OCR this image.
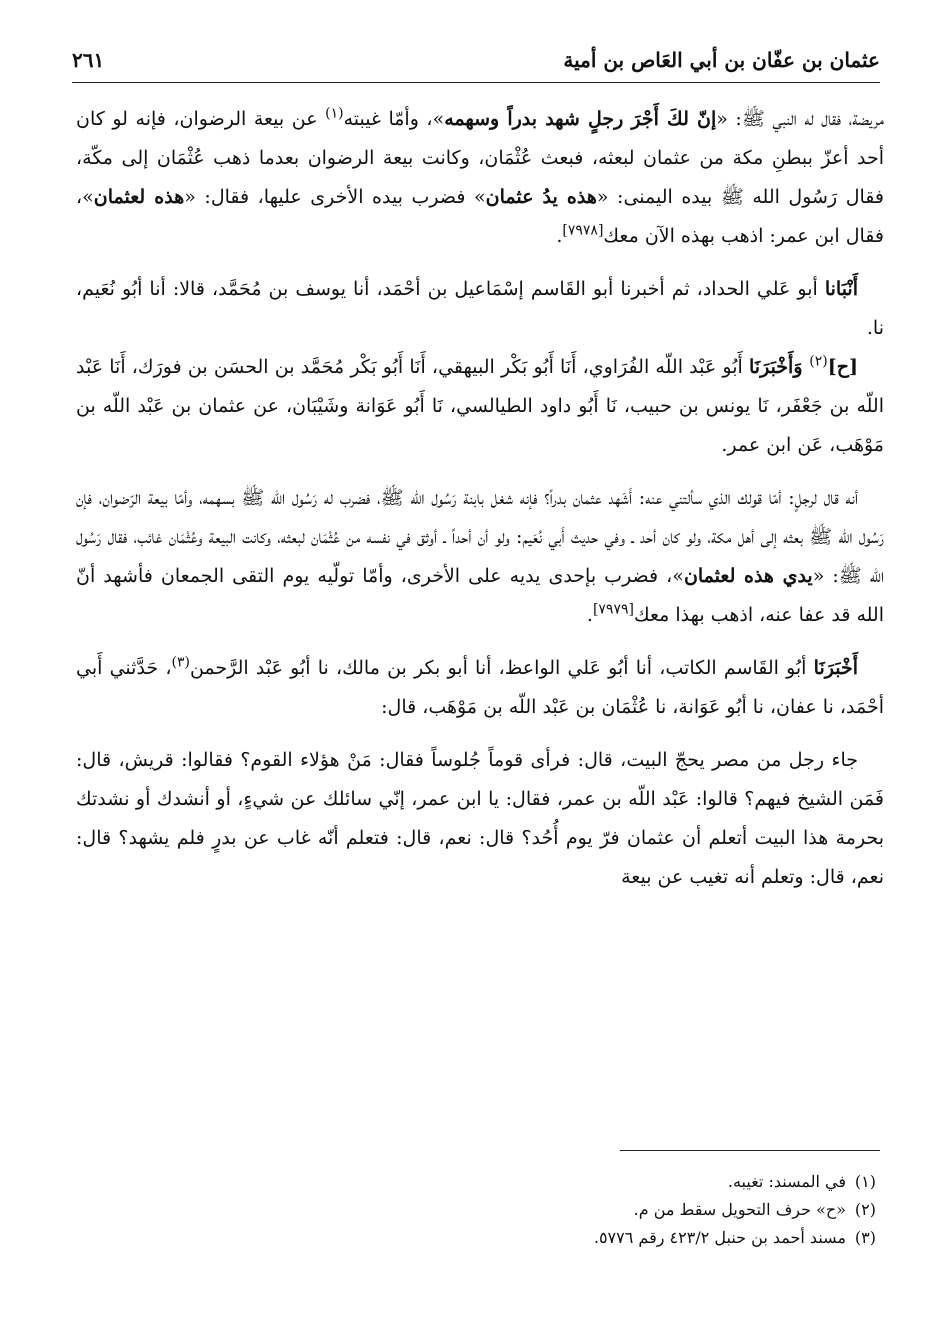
عثمان بن عفّان بن أبي العَاص بن أمية
٢٦١

مريضة، فقال له النبي ﷺ: «إنّ لكَ أَجْرَ رجلٍ شهد بدراً وسهمه»، وأمّا غيبته$^{(١)}$ عن بيعة الرضوان، فإنه لو كان أحد أعزّ ببطنِ مكة من عثمان لبعثه، فبعث عُثْمَان، وكانت بيعة الرضوان بعدما ذهب عُثْمَان إلى مكّة، فقال رَسُول الله ﷺ بيده اليمنى: «هذه يدُ عثمان» فضرب بيده الأخرى عليها، فقال: «هذه لعثمان»، فقال ابن عمر: اذهب بهذه الآن معك[٧٩٧٨].

أَنْبَانا أبو عَلي الحداد، ثم أخبرنا أبو القَاسم إسْمَاعيل بن أحْمَد، أنا يوسف بن مُحَمَّد، قالا: أنا أبُو نُعَيم، نا.

[ح]$^{(٢)}$ وَأَخْبَرَنَا أَبُو عَبْد اللّه الفُرَاوي، أَنَا أَبُو بَكْر البيهقي، أَنَا أَبُو بَكْر مُحَمَّد بن الحسَن بن فورَك، أَنَا عَبْد اللّه بن جَعْفَر، نَا يونس بن حبيب، نَا أَبُو داود الطيالسي، نَا أَبُو عَوَانة وشَيْبَان، عن عثمان بن عَبْد اللّه بن مَوْهَب، عَن ابن عمر.

أنه قال لرجلٍ: أمّا قولك الذي سألتني عنه: أَشَهد عثمان بدراً؟ فإنه شغل بابنة رَسُول الله ﷺ، فضرب له رَسُول الله ﷺ بسهمه، وأمّا بيعة الرّضوان، فإن رَسُول الله ﷺ بعثه إلى أهل مكة، ولو كان أحد ـ وفي حديث أَبي نُعَيم: ولو أن أحداً ـ أوثق في نفسه من عُثْمَان لبعثه، وكانت البيعة وعُثْمَان غائب، فقال رَسُول الله ﷺ: «يدي هذه لعثمان»، فضرب بإحدى يديه على الأخرى، وأمّا تولّيه يوم التقى الجمعان فأشهد أنّ الله قد عفا عنه، اذهب بهذا معك[٧٩٧٩].

أَخْبَرَنَا أبُو القَاسم الكاتب، أنا أبُو عَلي الواعظ، أنا أبو بكر بن مالك، نا أبُو عَبْد الرَّحمن$^{(٣)}$، حَدَّثني أَبي أحْمَد، نا عفان، نا أبُو عَوَانة، نا عُثْمَان بن عَبْد اللّه بن مَوْهَب، قال:

جاء رجل من مصر يحجّ البيت، قال: فرأى قوماً جُلوساً فقال: مَنْ هؤلاء القوم؟ فقالوا: قريش، قال: فَمَن الشيخ فيهم؟ قالوا: عَبْد اللّه بن عمر، فقال: يا ابن عمر، إنّي سائلك عن شيءٍ، أو أنشدك أو نشدتك بحرمة هذا البيت أتعلم أن عثمان فرّ يوم أُحُد؟ قال: نعم، قال: فتعلم أنّه غاب عن بدرٍ فلم يشهد؟ قال: نعم، قال: وتعلم أنه تغيب عن بيعة

(١)في المسند: تغيبه.

(٢)«ح» حرف التحويل سقط من م.

(٣)مسند أحمد بن حنبل ٤٢٣/٢ رقم ٥٧٧٦.
